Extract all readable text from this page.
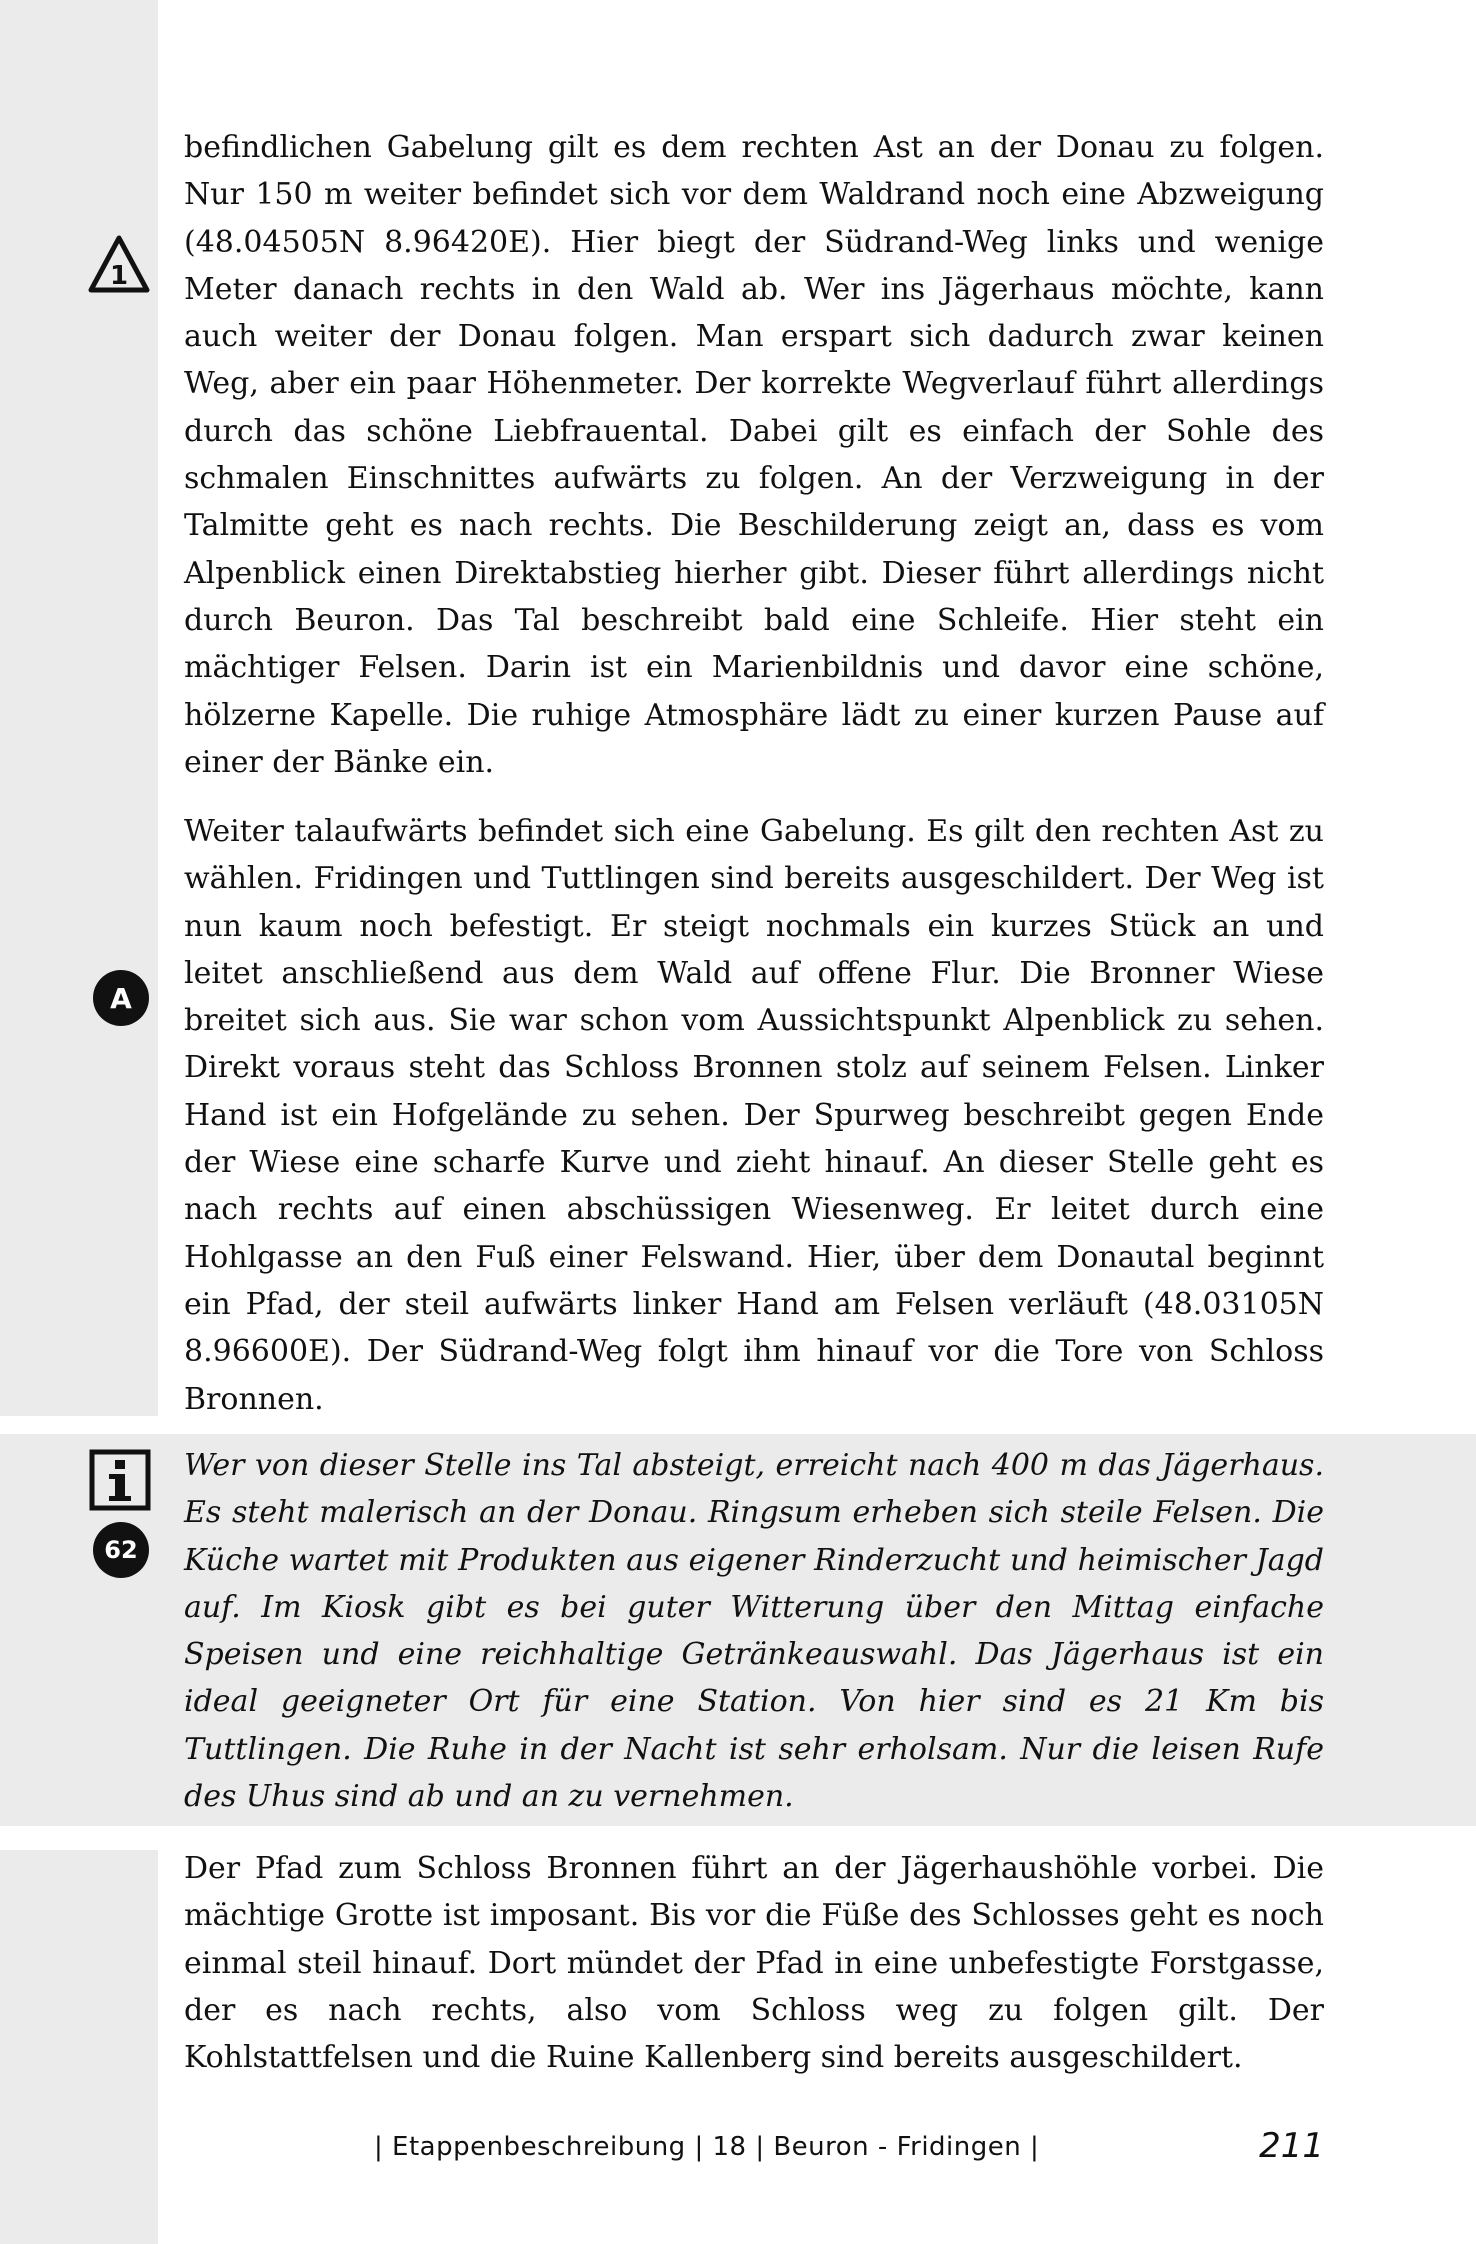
befindlichen Gabelung gilt es dem rechten Ast an der Donau zu folgen. Nur 150 m weiter befindet sich vor dem Waldrand noch eine Abzweigung (48.04505N 8.96420E). Hier biegt der Südrand-Weg links und wenige Meter danach rechts in den Wald ab. Wer ins Jägerhaus möchte, kann auch weiter der Donau folgen. Man erspart sich dadurch zwar keinen Weg, aber ein paar Höhenmeter. Der korrekte Wegverlauf führt allerdings durch das schöne Liebfrauental. Dabei gilt es einfach der Sohle des schmalen Einschnittes aufwärts zu folgen. An der Verzweigung in der Talmitte geht es nach rechts. Die Beschilderung zeigt an, dass es vom Alpenblick einen Direktabstieg hierher gibt. Dieser führt allerdings nicht durch Beuron. Das Tal beschreibt bald eine Schleife. Hier steht ein mächtiger Felsen. Darin ist ein Marienbildnis und davor eine schöne, hölzerne Kapelle. Die ruhige Atmosphäre lädt zu einer kurzen Pause auf einer der Bänke ein.

1

Weiter talaufwärts befindet sich eine Gabelung. Es gilt den rechten Ast zu wählen. Fridingen und Tuttlingen sind bereits ausgeschildert. Der Weg ist nun kaum noch befestigt. Er steigt nochmals ein kurzes Stück an und leitet anschließend aus dem Wald auf offene Flur. Die Bronner Wiese breitet sich aus. Sie war schon vom Aussichtspunkt Alpenblick zu sehen. Direkt voraus steht das Schloss Bronnen stolz auf seinem Felsen. Linker Hand ist ein Hofgelände zu sehen. Der Spurweg beschreibt gegen Ende der Wiese eine scharfe Kurve und zieht hinauf. An dieser Stelle geht es nach rechts auf einen abschüssigen Wiesenweg. Er leitet durch eine Hohlgasse an den Fuß einer Felswand. Hier, über dem Donautal beginnt ein Pfad, der steil aufwärts linker Hand am Felsen verläuft (48.03105N 8.96600E). Der Südrand-Weg folgt ihm hinauf vor die Tore von Schloss Bronnen.

A
62

Wer von dieser Stelle ins Tal absteigt, erreicht nach 400 m das Jägerhaus. Es steht malerisch an der Donau. Ringsum erheben sich steile Felsen. Die Küche wartet mit Produkten aus eigener Rinderzucht und heimischer Jagd auf. Im Kiosk gibt es bei guter Witterung über den Mittag einfache Speisen und eine reichhaltige Getränkeauswahl. Das Jägerhaus ist ein ideal geeigneter Ort für eine Station. Von hier sind es 21 Km bis Tuttlingen. Die Ruhe in der Nacht ist sehr erholsam. Nur die leisen Rufe des Uhus sind ab und an zu vernehmen.

Der Pfad zum Schloss Bronnen führt an der Jägerhaushöhle vorbei. Die mächtige Grotte ist imposant. Bis vor die Füße des Schlosses geht es noch einmal steil hinauf. Dort mündet der Pfad in eine unbefestigte Forstgasse, der es nach rechts, also vom Schloss weg zu folgen gilt. Der Kohlstattfelsen und die Ruine Kallenberg sind bereits ausgeschildert.

| Etappenbeschreibung | 18 | Beuron - Fridingen |	211
